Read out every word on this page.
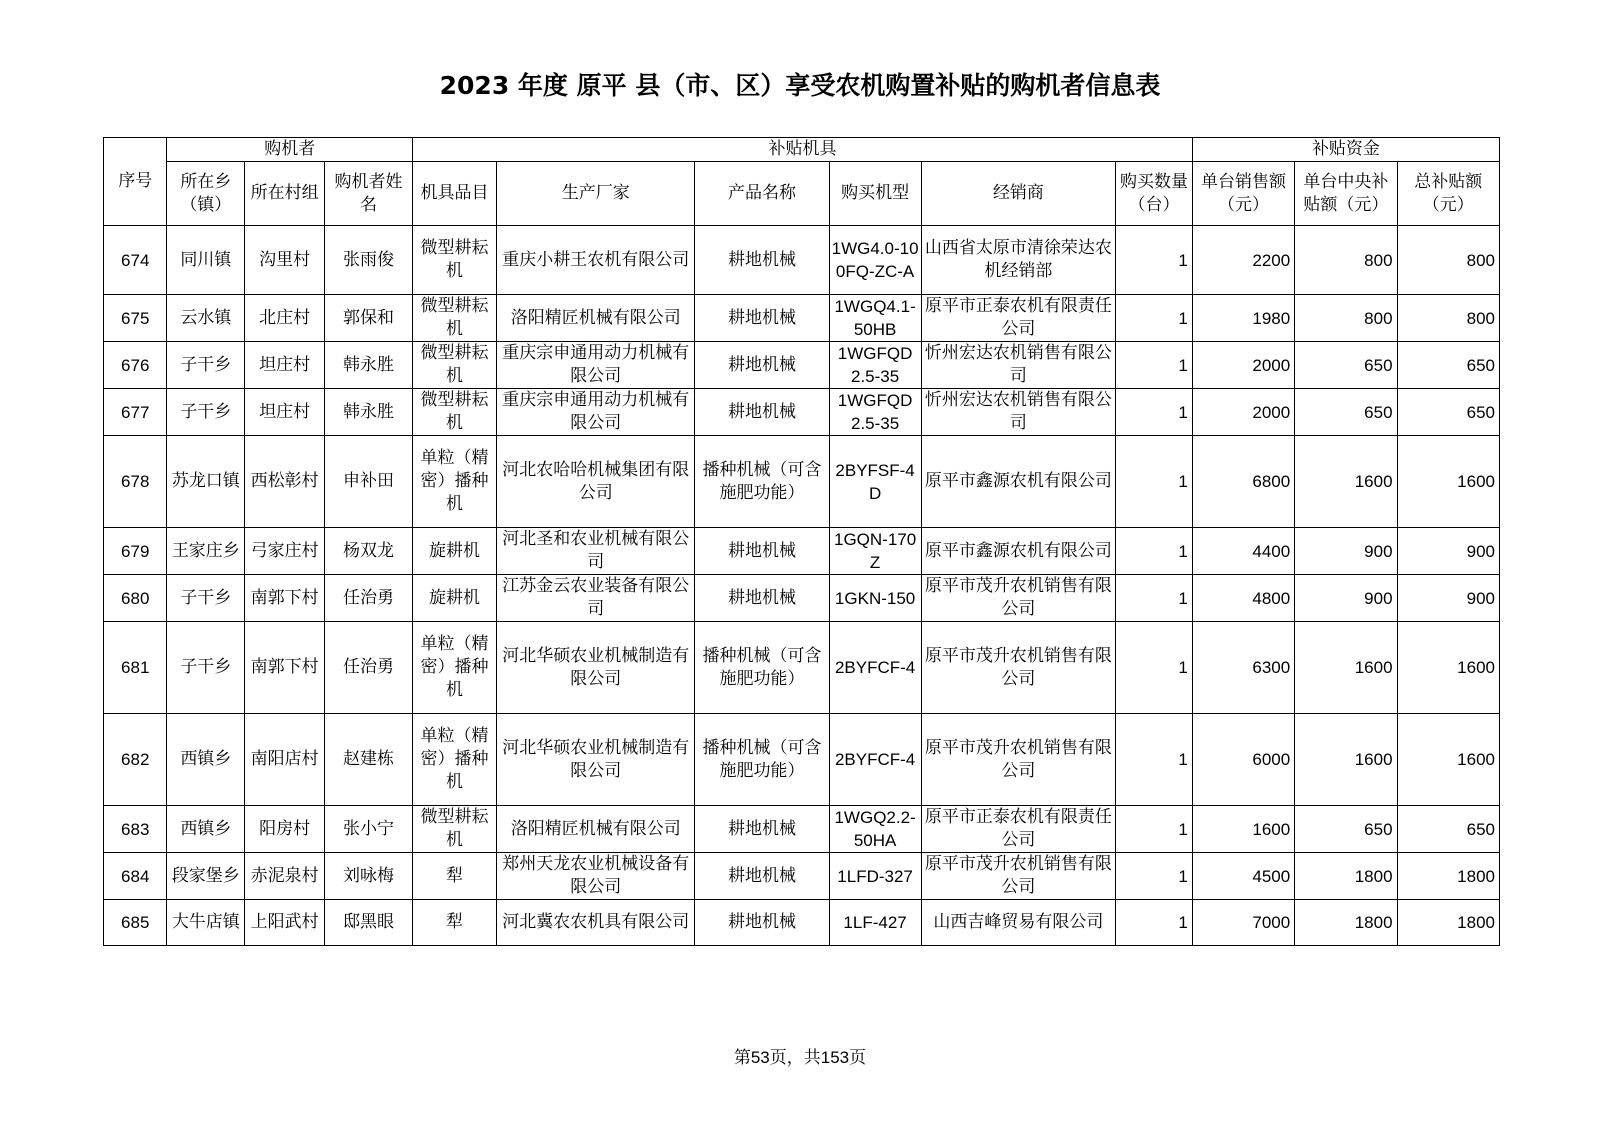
2023 年度 原平 县（市、区）享受农机购置补贴的购机者信息表
序号	购机者			补贴机具						补贴资金		
	所在乡（镇）	所在村组	购机者姓名	机具品目	生产厂家	产品名称	购买机型	经销商	购买数量（台）	单台销售额（元）	单台中央补贴额（元）	总补贴额（元）
674	同川镇	沟里村	张雨俊	微型耕耘机	重庆小耕王农机有限公司	耕地机械	1WG4.0-100FQ-ZC-A	山西省太原市清徐荣达农机经销部	1	2200	800	800
675	云水镇	北庄村	郭保和	微型耕耘机	洛阳精匠机械有限公司	耕地机械	1WGQ4.1-50HB	原平市正泰农机有限责任公司	1	1980	800	800
676	子干乡	坦庄村	韩永胜	微型耕耘机	重庆宗申通用动力机械有限公司	耕地机械	1WGFQD2.5-35	忻州宏达农机销售有限公司	1	2000	650	650
677	子干乡	坦庄村	韩永胜	微型耕耘机	重庆宗申通用动力机械有限公司	耕地机械	1WGFQD2.5-35	忻州宏达农机销售有限公司	1	2000	650	650
678	苏龙口镇	西松彰村	申补田	单粒（精密）播种机	河北农哈哈机械集团有限公司	播种机械（可含施肥功能）	2BYFSF-4D	原平市鑫源农机有限公司	1	6800	1600	1600
679	王家庄乡	弓家庄村	杨双龙	旋耕机	河北圣和农业机械有限公司	耕地机械	1GQN-170Z	原平市鑫源农机有限公司	1	4400	900	900
680	子干乡	南郭下村	任治勇	旋耕机	江苏金云农业装备有限公司	耕地机械	1GKN-150	原平市茂升农机销售有限公司	1	4800	900	900
681	子干乡	南郭下村	任治勇	单粒（精密）播种机	河北华硕农业机械制造有限公司	播种机械（可含施肥功能）	2BYFCF-4	原平市茂升农机销售有限公司	1	6300	1600	1600
682	西镇乡	南阳店村	赵建栋	单粒（精密）播种机	河北华硕农业机械制造有限公司	播种机械（可含施肥功能）	2BYFCF-4	原平市茂升农机销售有限公司	1	6000	1600	1600
683	西镇乡	阳房村	张小宁	微型耕耘机	洛阳精匠机械有限公司	耕地机械	1WGQ2.2-50HA	原平市正泰农机有限责任公司	1	1600	650	650
684	段家堡乡	赤泥泉村	刘咏梅	犁	郑州天龙农业机械设备有限公司	耕地机械	1LFD-327	原平市茂升农机销售有限公司	1	4500	1800	1800
685	大牛店镇	上阳武村	邸黑眼	犁	河北冀农农机具有限公司	耕地机械	1LF-427	山西吉峰贸易有限公司	1	7000	1800	1800
第53页，共153页
